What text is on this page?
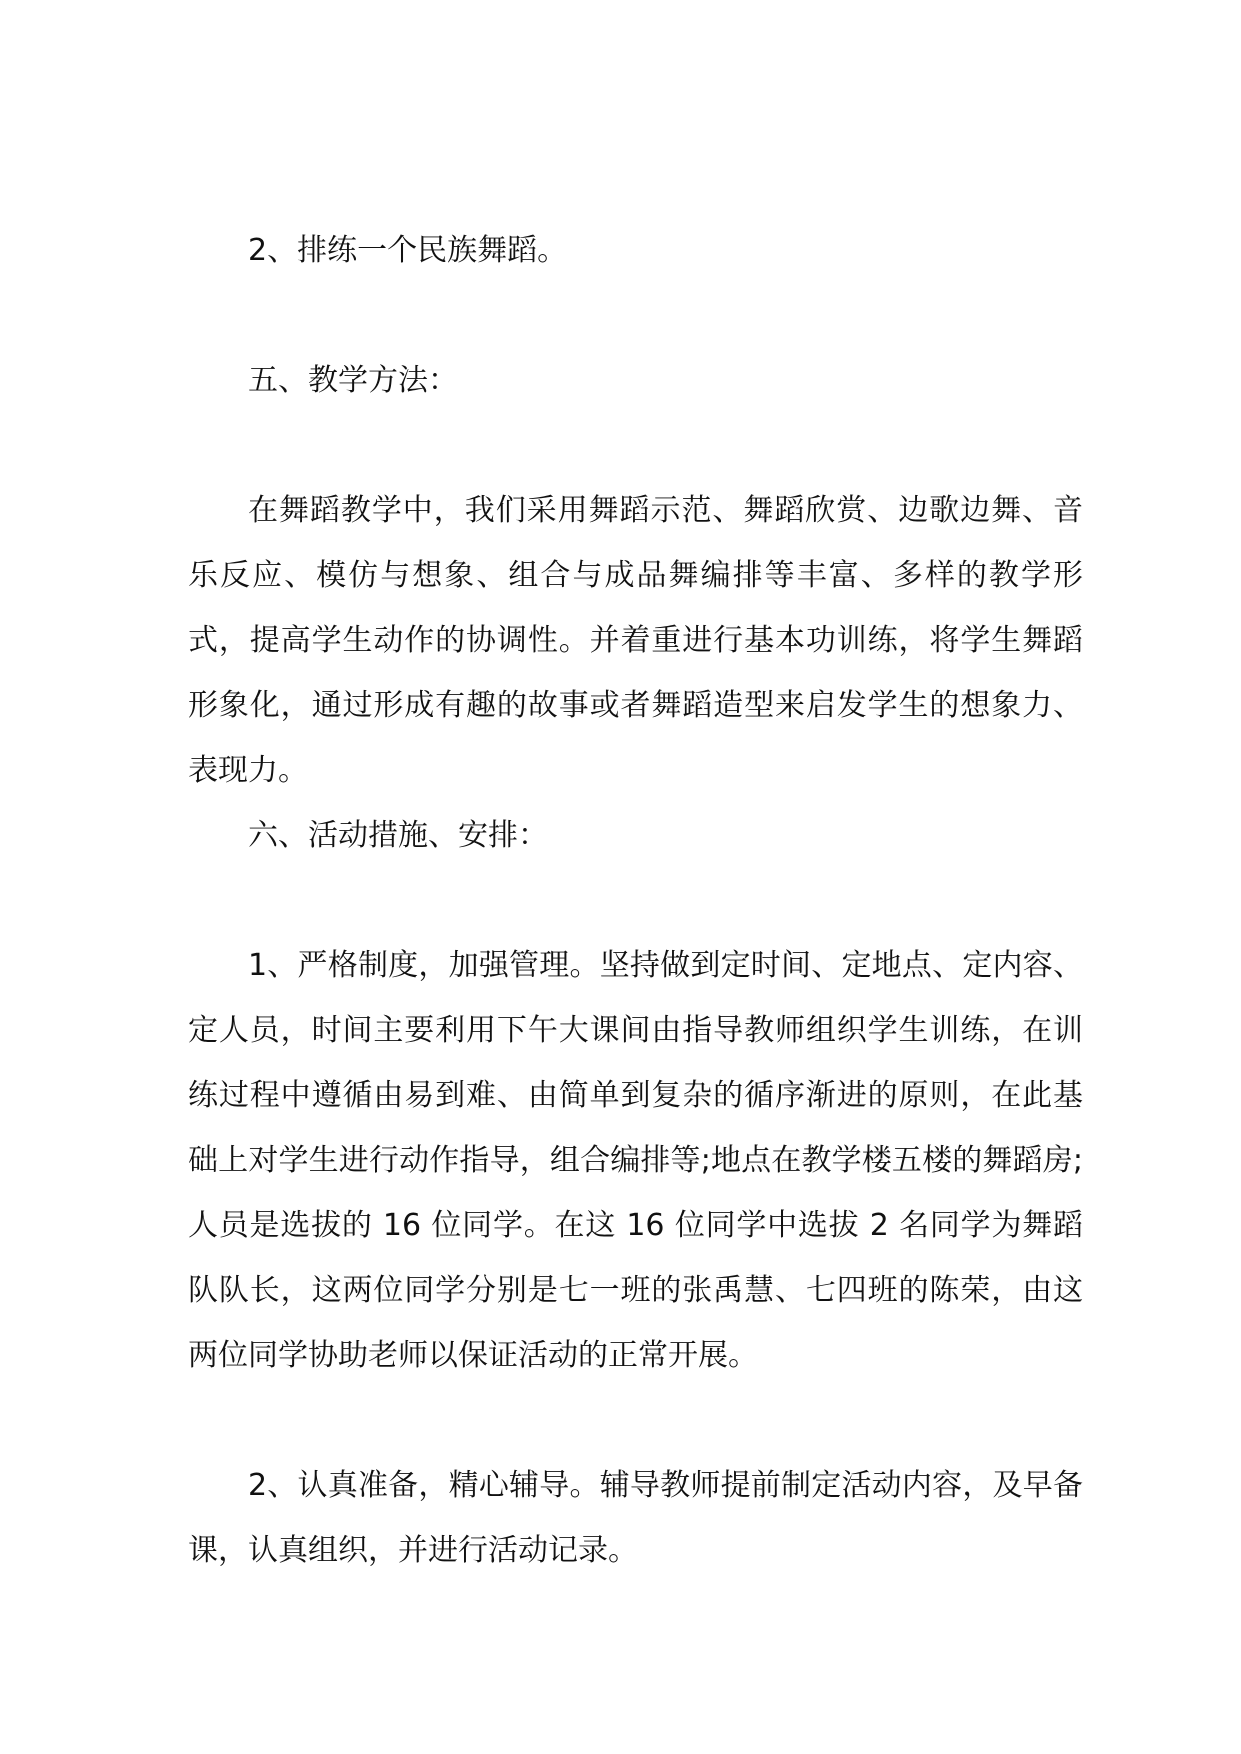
2、排练一个民族舞蹈。

五、教学方法：

在舞蹈教学中，我们采用舞蹈示范、舞蹈欣赏、边歌边舞、音乐反应、模仿与想象、组合与成品舞编排等丰富、多样的教学形式，提高学生动作的协调性。并着重进行基本功训练，将学生舞蹈形象化，通过形成有趣的故事或者舞蹈造型来启发学生的想象力、表现力。

六、活动措施、安排：

1、严格制度，加强管理。坚持做到定时间、定地点、定内容、定人员，时间主要利用下午大课间由指导教师组织学生训练，在训练过程中遵循由易到难、由简单到复杂的循序渐进的原则，在此基础上对学生进行动作指导，组合编排等;地点在教学楼五楼的舞蹈房;人员是选拔的 16 位同学。在这 16 位同学中选拔 2 名同学为舞蹈队队长，这两位同学分别是七一班的张禹慧、七四班的陈荣，由这两位同学协助老师以保证活动的正常开展。

2、认真准备，精心辅导。辅导教师提前制定活动内容，及早备课，认真组织，并进行活动记录。
